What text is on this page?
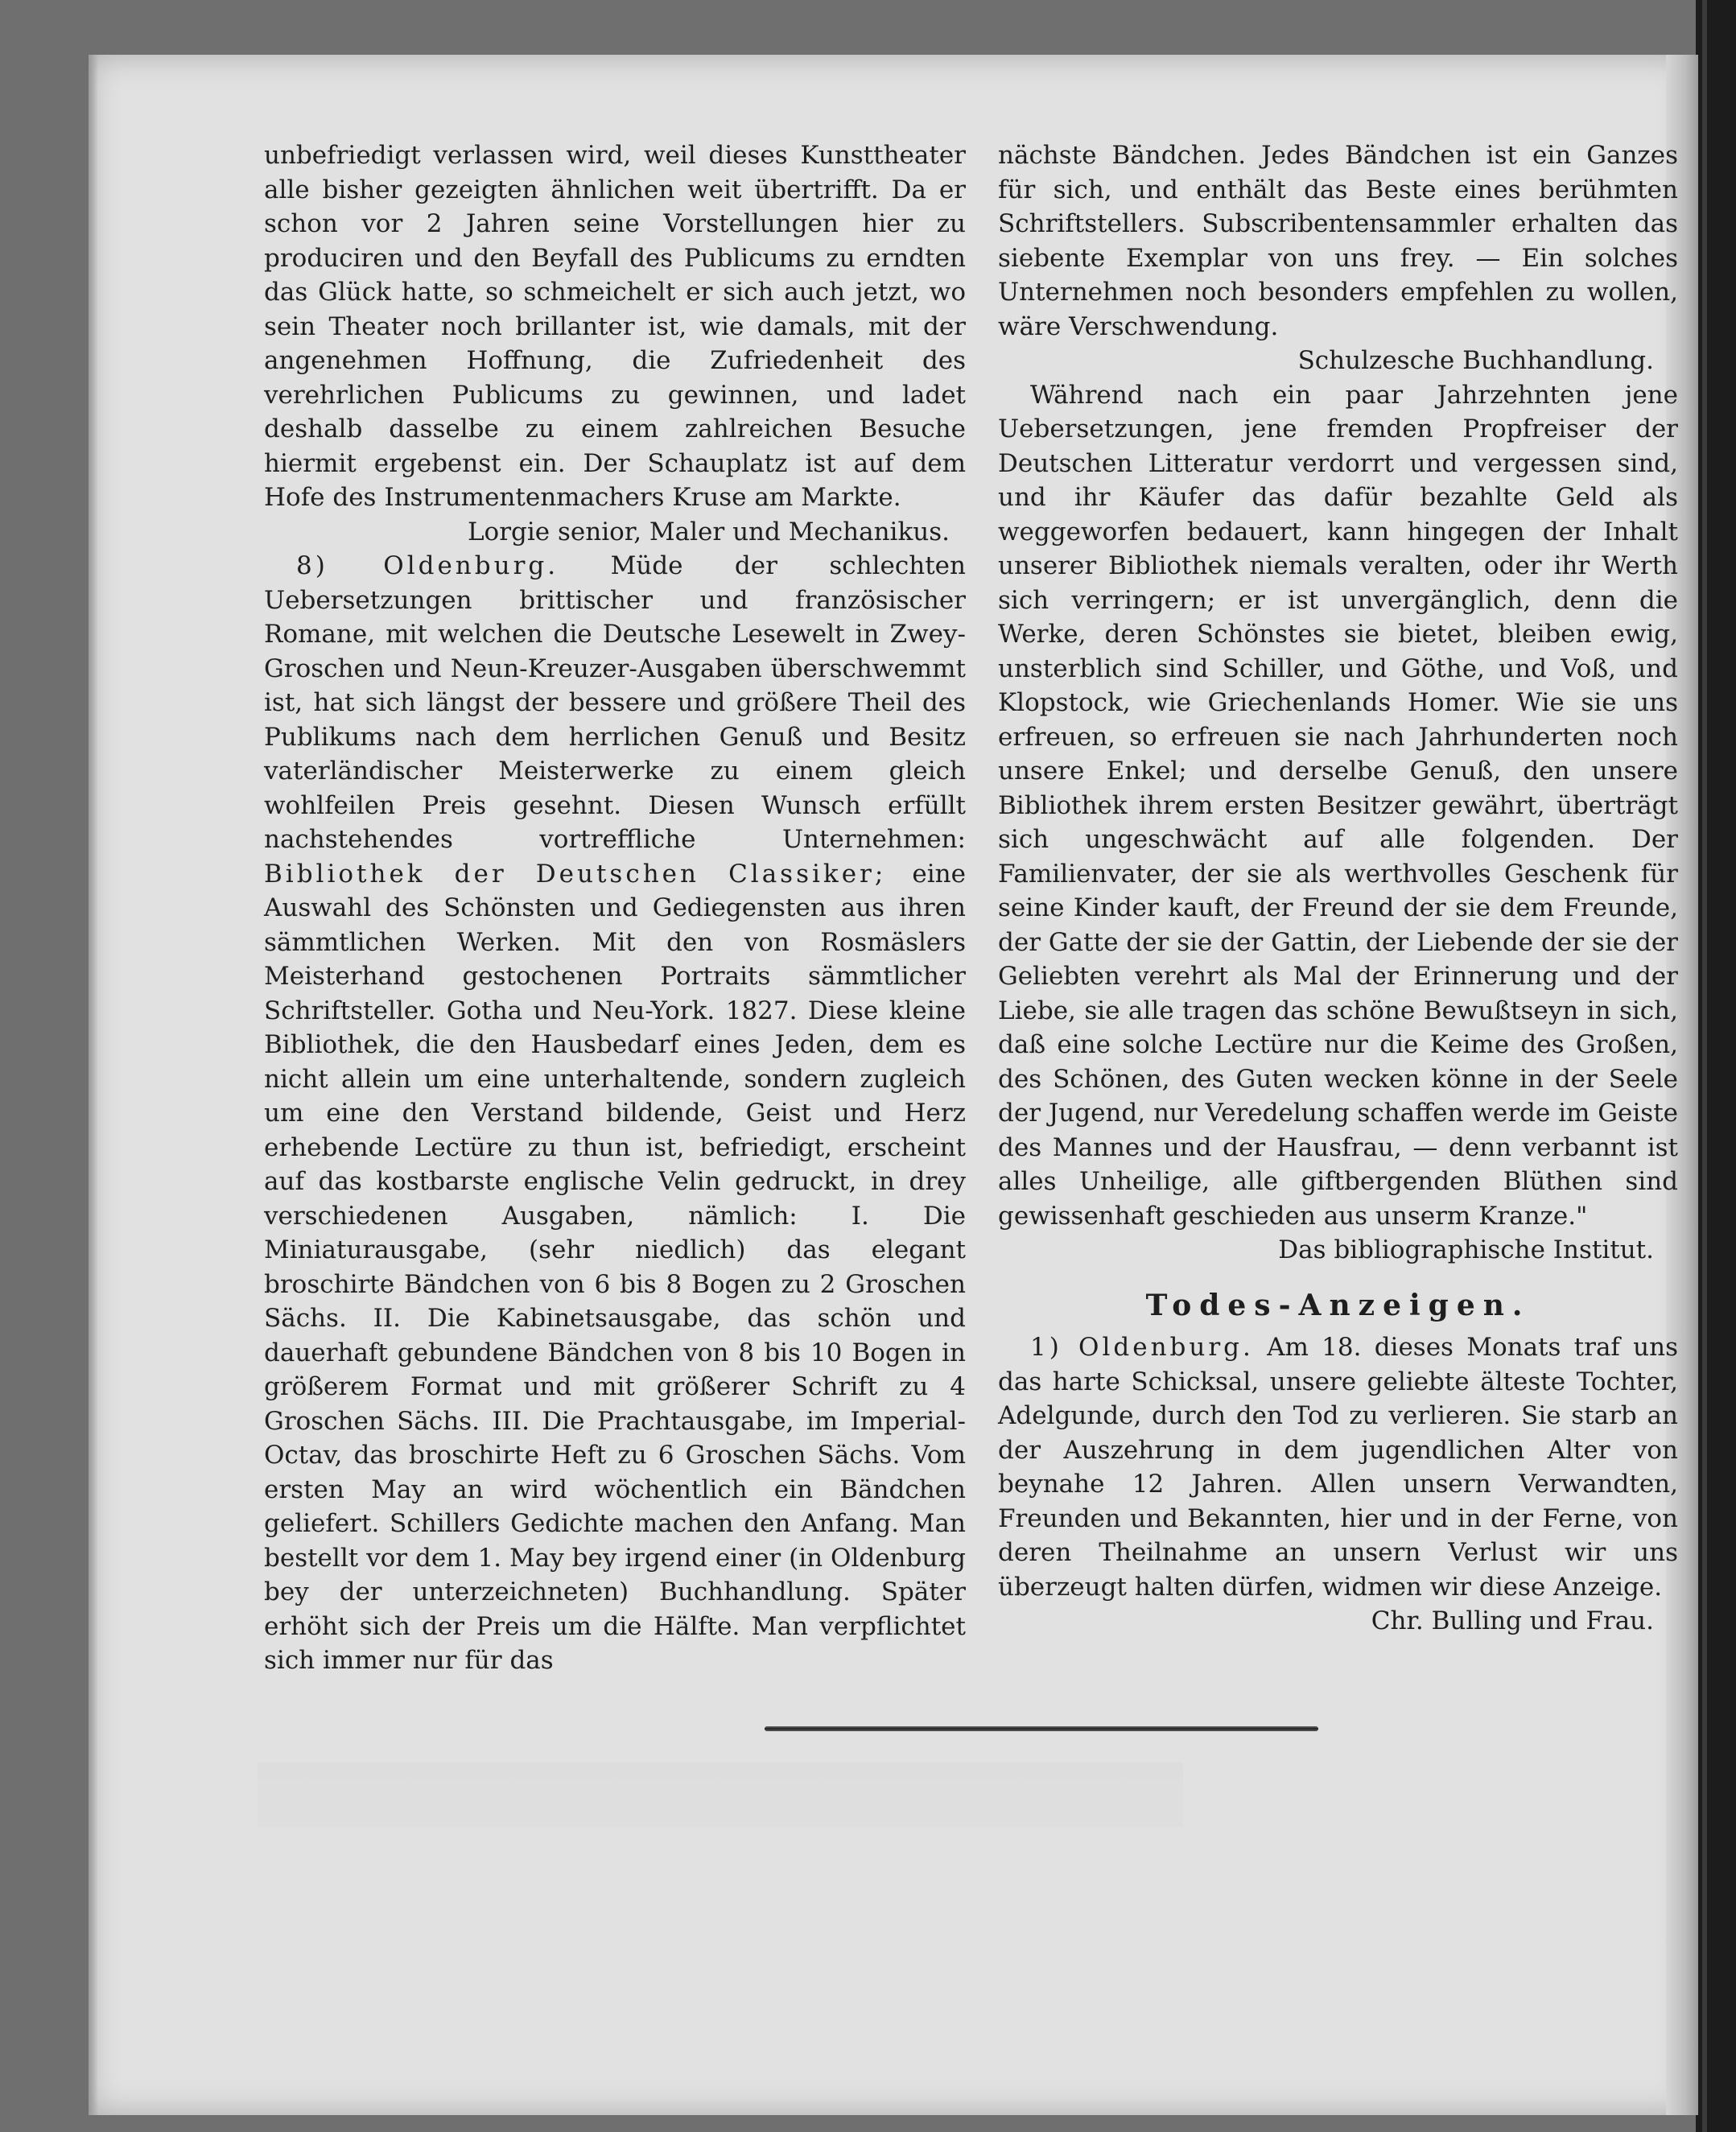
unbefriedigt verlassen wird, weil dieses Kunsttheater alle bisher gezeigten ähnlichen weit übertrifft. Da er schon vor 2 Jahren seine Vorstellungen hier zu produciren und den Beyfall des Publicums zu erndten das Glück hatte, so schmeichelt er sich auch jetzt, wo sein Theater noch brillanter ist, wie damals, mit der angenehmen Hoffnung, die Zufriedenheit des verehrlichen Publicums zu gewinnen, und ladet deshalb dasselbe zu einem zahlreichen Besuche hiermit ergebenst ein. Der Schauplatz ist auf dem Hofe des Instrumentenmachers Kruse am Markte.

Lorgie senior, Maler und Mechanikus.

8) Oldenburg. Müde der schlechten Uebersetzungen brittischer und französischer Romane, mit welchen die Deutsche Lesewelt in Zwey-Groschen und Neun-Kreuzer-Ausgaben überschwemmt ist, hat sich längst der bessere und größere Theil des Publikums nach dem herrlichen Genuß und Besitz vaterländischer Meisterwerke zu einem gleich wohlfeilen Preis gesehnt. Diesen Wunsch erfüllt nachstehendes vortreffliche Unternehmen: Bibliothek der Deutschen Classiker; eine Auswahl des Schönsten und Gediegensten aus ihren sämmtlichen Werken. Mit den von Rosmäslers Meisterhand gestochenen Portraits sämmtlicher Schriftsteller. Gotha und Neu-York. 1827. Diese kleine Bibliothek, die den Hausbedarf eines Jeden, dem es nicht allein um eine unterhaltende, sondern zugleich um eine den Verstand bildende, Geist und Herz erhebende Lectüre zu thun ist, befriedigt, erscheint auf das kostbarste englische Velin gedruckt, in drey verschiedenen Ausgaben, nämlich: I. Die Miniaturausgabe, (sehr niedlich) das elegant broschirte Bändchen von 6 bis 8 Bogen zu 2 Groschen Sächs. II. Die Kabinetsausgabe, das schön und dauerhaft gebundene Bändchen von 8 bis 10 Bogen in größerem Format und mit größerer Schrift zu 4 Groschen Sächs. III. Die Prachtausgabe, im Imperial-Octav, das broschirte Heft zu 6 Groschen Sächs. Vom ersten May an wird wöchentlich ein Bändchen geliefert. Schillers Gedichte machen den Anfang. Man bestellt vor dem 1. May bey irgend einer (in Oldenburg bey der unterzeichneten) Buchhandlung. Später erhöht sich der Preis um die Hälfte. Man verpflichtet sich immer nur für das

nächste Bändchen. Jedes Bändchen ist ein Ganzes für sich, und enthält das Beste eines berühmten Schriftstellers. Subscribentensammler erhalten das siebente Exemplar von uns frey. — Ein solches Unternehmen noch besonders empfehlen zu wollen, wäre Verschwendung.

Schulzesche Buchhandlung.

Während nach ein paar Jahrzehnten jene Uebersetzungen, jene fremden Propfreiser der Deutschen Litteratur verdorrt und vergessen sind, und ihr Käufer das dafür bezahlte Geld als weggeworfen bedauert, kann hingegen der Inhalt unserer Bibliothek niemals veralten, oder ihr Werth sich verringern; er ist unvergänglich, denn die Werke, deren Schönstes sie bietet, bleiben ewig, unsterblich sind Schiller, und Göthe, und Voß, und Klopstock, wie Griechenlands Homer. Wie sie uns erfreuen, so erfreuen sie nach Jahrhunderten noch unsere Enkel; und derselbe Genuß, den unsere Bibliothek ihrem ersten Besitzer gewährt, überträgt sich ungeschwächt auf alle folgenden. Der Familienvater, der sie als werthvolles Geschenk für seine Kinder kauft, der Freund der sie dem Freunde, der Gatte der sie der Gattin, der Liebende der sie der Geliebten verehrt als Mal der Erinnerung und der Liebe, sie alle tragen das schöne Bewußtseyn in sich, daß eine solche Lectüre nur die Keime des Großen, des Schönen, des Guten wecken könne in der Seele der Jugend, nur Veredelung schaffen werde im Geiste des Mannes und der Hausfrau, — denn verbannt ist alles Unheilige, alle giftbergenden Blüthen sind gewissenhaft geschieden aus unserm Kranze."

Das bibliographische Institut.

Todes-Anzeigen.

1) Oldenburg. Am 18. dieses Monats traf uns das harte Schicksal, unsere geliebte älteste Tochter, Adelgunde, durch den Tod zu verlieren. Sie starb an der Auszehrung in dem jugendlichen Alter von beynahe 12 Jahren. Allen unsern Verwandten, Freunden und Bekannten, hier und in der Ferne, von deren Theilnahme an unsern Verlust wir uns überzeugt halten dürfen, widmen wir diese Anzeige.

Chr. Bulling und Frau.
